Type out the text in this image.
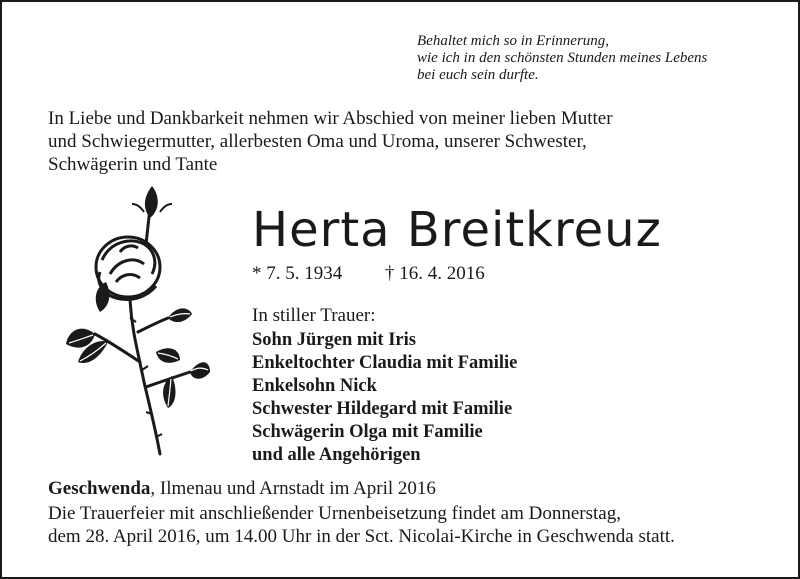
Behaltet mich so in Erinnerung,
wie ich in den schönsten Stunden meines Lebens
bei euch sein durfte.
In Liebe und Dankbarkeit nehmen wir Abschied von meiner lieben Mutter
und Schwiegermutter, allerbesten Oma und Uroma, unserer Schwester,
Schwägerin und Tante
Herta Breitkreuz
* 7. 5. 1934 † 16. 4. 2016
In stiller Trauer:
Sohn Jürgen mit Iris
Enkeltochter Claudia mit Familie
Enkelsohn Nick
Schwester Hildegard mit Familie
Schwägerin Olga mit Familie
und alle Angehörigen
Geschwenda, Ilmenau und Arnstadt im April 2016
Die Trauerfeier mit anschließender Urnenbeisetzung findet am Donnerstag,
dem 28. April 2016, um 14.00 Uhr in der Sct. Nicolai-Kirche in Geschwenda statt.
